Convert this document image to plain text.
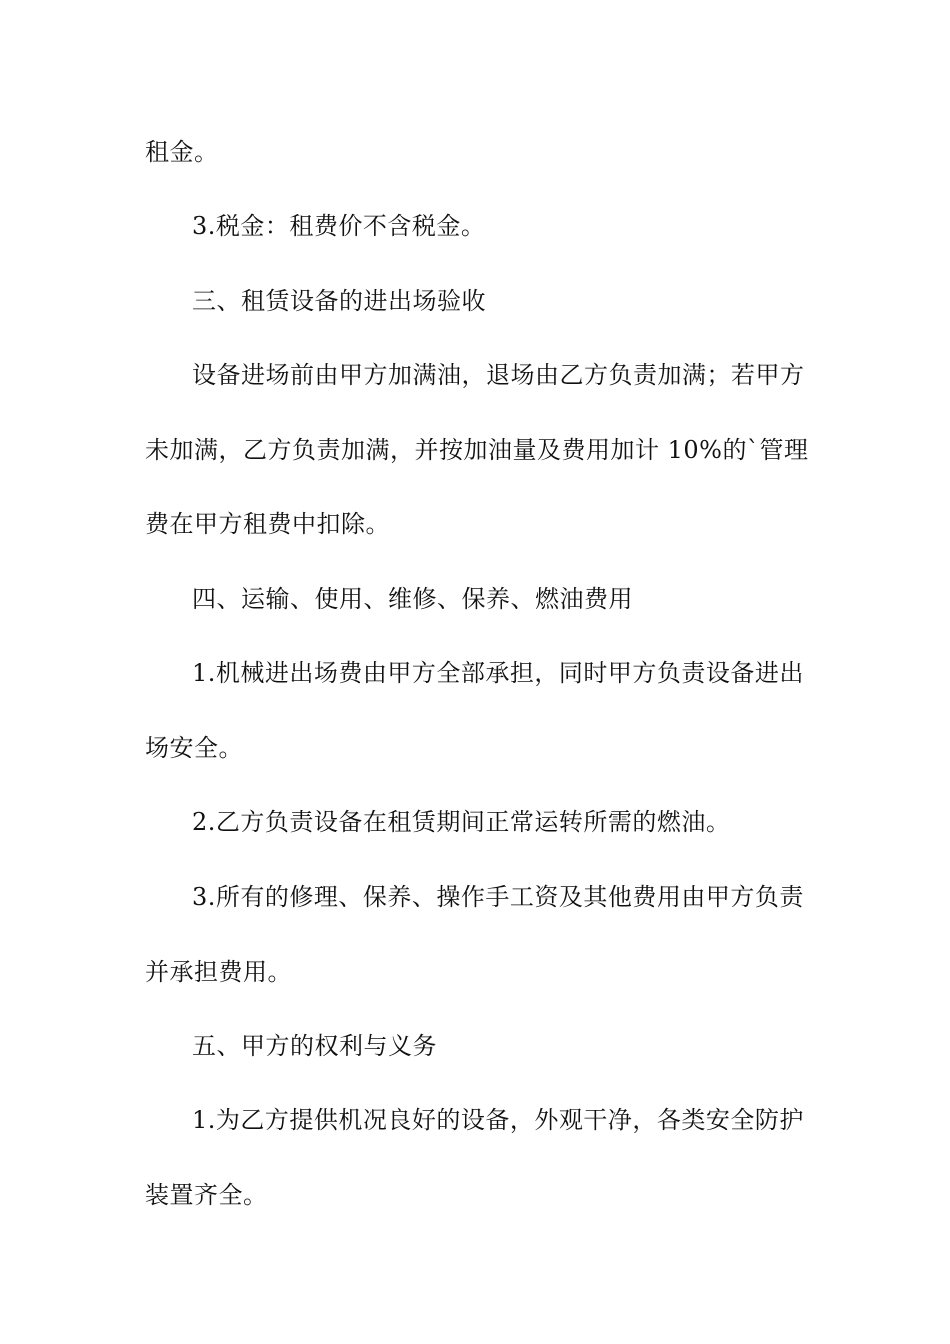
租金。

3.税金：租费价不含税金。

三、租赁设备的进出场验收

设备进场前由甲方加满油，退场由乙方负责加满；若甲方未加满，乙方负责加满，并按加油量及费用加计 10%的`管理费在甲方租费中扣除。

四、运输、使用、维修、保养、燃油费用

1.机械进出场费由甲方全部承担，同时甲方负责设备进出场安全。

2.乙方负责设备在租赁期间正常运转所需的燃油。

3.所有的修理、保养、操作手工资及其他费用由甲方负责并承担费用。

五、甲方的权利与义务

1.为乙方提供机况良好的设备，外观干净，各类安全防护装置齐全。
